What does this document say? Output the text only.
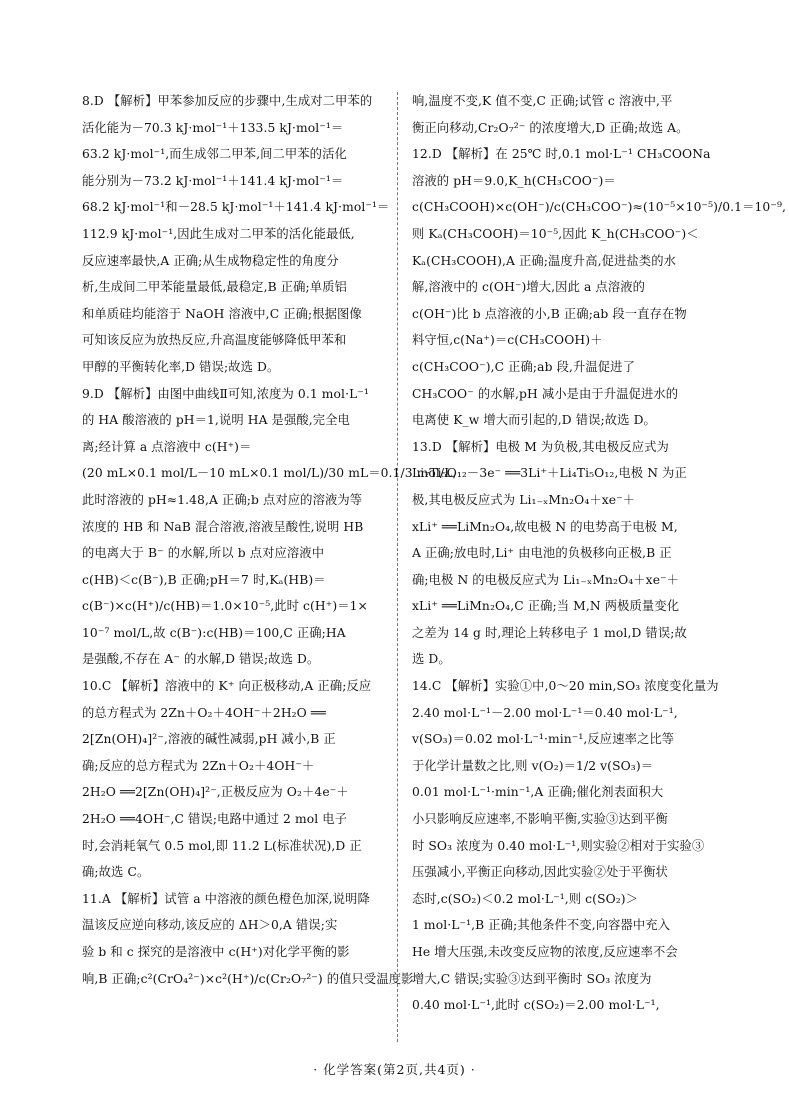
8.D 【解析】甲苯参加反应的步骤中,生成对二甲苯的

活化能为－70.3 kJ·mol⁻¹＋133.5 kJ·mol⁻¹＝

63.2 kJ·mol⁻¹,而生成邻二甲苯,间二甲苯的活化

能分别为－73.2 kJ·mol⁻¹＋141.4 kJ·mol⁻¹＝

68.2 kJ·mol⁻¹和－28.5 kJ·mol⁻¹＋141.4 kJ·mol⁻¹＝

112.9 kJ·mol⁻¹,因此生成对二甲苯的活化能最低,

反应速率最快,A 正确;从生成物稳定性的角度分

析,生成间二甲苯能量最低,最稳定,B 正确;单质铝

和单质硅均能溶于 NaOH 溶液中,C 正确;根据图像

可知该反应为放热反应,升高温度能够降低甲苯和

甲醇的平衡转化率,D 错误;故选 D。

9.D 【解析】由图中曲线Ⅱ可知,浓度为 0.1 mol·L⁻¹

的 HA 酸溶液的 pH＝1,说明 HA 是强酸,完全电

离;经计算 a 点溶液中 c(H⁺)＝

(20 mL×0.1 mol/L－10 mL×0.1 mol/L)/30 mL＝0.1/3 mol/L,

此时溶液的 pH≈1.48,A 正确;b 点对应的溶液为等

浓度的 HB 和 NaB 混合溶液,溶液呈酸性,说明 HB

的电离大于 B⁻ 的水解,所以 b 点对应溶液中

c(HB)＜c(B⁻),B 正确;pH＝7 时,Kₐ(HB)＝

c(B⁻)×c(H⁺)/c(HB)＝1.0×10⁻⁵,此时 c(H⁺)＝1×

10⁻⁷ mol/L,故 c(B⁻):c(HB)＝100,C 正确;HA

是强酸,不存在 A⁻ 的水解,D 错误;故选 D。

10.C 【解析】溶液中的 K⁺ 向正极移动,A 正确;反应

的总方程式为 2Zn＋O₂＋4OH⁻＋2H₂O ══

2[Zn(OH)₄]²⁻,溶液的碱性减弱,pH 减小,B 正

确;反应的总方程式为 2Zn＋O₂＋4OH⁻＋

2H₂O ══2[Zn(OH)₄]²⁻,正极反应为 O₂＋4e⁻＋

2H₂O ══4OH⁻,C 错误;电路中通过 2 mol 电子

时,会消耗氧气 0.5 mol,即 11.2 L(标准状况),D 正

确;故选 C。

11.A 【解析】试管 a 中溶液的颜色橙色加深,说明降

温该反应逆向移动,该反应的 ΔH＞0,A 错误;实

验 b 和 c 探究的是溶液中 c(H⁺)对化学平衡的影

响,B 正确;c²(CrO₄²⁻)×c²(H⁺)/c(Cr₂O₇²⁻) 的值只受温度影

响,温度不变,K 值不变,C 正确;试管 c 溶液中,平

衡正向移动,Cr₂O₇²⁻ 的浓度增大,D 正确;故选 A。

12.D 【解析】在 25℃ 时,0.1 mol·L⁻¹ CH₃COONa

溶液的 pH＝9.0,K_h(CH₃COO⁻)＝

c(CH₃COOH)×c(OH⁻)/c(CH₃COO⁻)≈(10⁻⁵×10⁻⁵)/0.1＝10⁻⁹,

则 Kₐ(CH₃COOH)＝10⁻⁵,因此 K_h(CH₃COO⁻)＜

Kₐ(CH₃COOH),A 正确;温度升高,促进盐类的水

解,溶液中的 c(OH⁻)增大,因此 a 点溶液的

c(OH⁻)比 b 点溶液的小,B 正确;ab 段一直存在物

料守恒,c(Na⁺)＝c(CH₃COOH)＋

c(CH₃COO⁻),C 正确;ab 段,升温促进了

CH₃COO⁻ 的水解,pH 减小是由于升温促进水的

电离使 K_w 增大而引起的,D 错误;故选 D。

13.D 【解析】电极 M 为负极,其电极反应式为

Li₇Ti₅O₁₂－3e⁻ ══3Li⁺＋Li₄Ti₅O₁₂,电极 N 为正

极,其电极反应式为 Li₁₋ₓMn₂O₄＋xe⁻＋

xLi⁺ ══LiMn₂O₄,故电极 N 的电势高于电极 M,

A 正确;放电时,Li⁺ 由电池的负极移向正极,B 正

确;电极 N 的电极反应式为 Li₁₋ₓMn₂O₄＋xe⁻＋

xLi⁺ ══LiMn₂O₄,C 正确;当 M,N 两极质量变化

之差为 14 g 时,理论上转移电子 1 mol,D 错误;故

选 D。

14.C 【解析】实验①中,0～20 min,SO₃ 浓度变化量为

2.40 mol·L⁻¹－2.00 mol·L⁻¹＝0.40 mol·L⁻¹,

v(SO₃)＝0.02 mol·L⁻¹·min⁻¹,反应速率之比等

于化学计量数之比,则 v(O₂)＝1/2 v(SO₃)＝

0.01 mol·L⁻¹·min⁻¹,A 正确;催化剂表面积大

小只影响反应速率,不影响平衡,实验③达到平衡

时 SO₃ 浓度为 0.40 mol·L⁻¹,则实验②相对于实验③

压强减小,平衡正向移动,因此实验②处于平衡状

态时,c(SO₂)＜0.2 mol·L⁻¹,则 c(SO₂)＞

1 mol·L⁻¹,B 正确;其他条件不变,向容器中充入

He 增大压强,未改变反应物的浓度,反应速率不会

增大,C 错误;实验③达到平衡时 SO₃ 浓度为

0.40 mol·L⁻¹,此时 c(SO₂)＝2.00 mol·L⁻¹,

· 化学答案(第2页,共4页) ·
